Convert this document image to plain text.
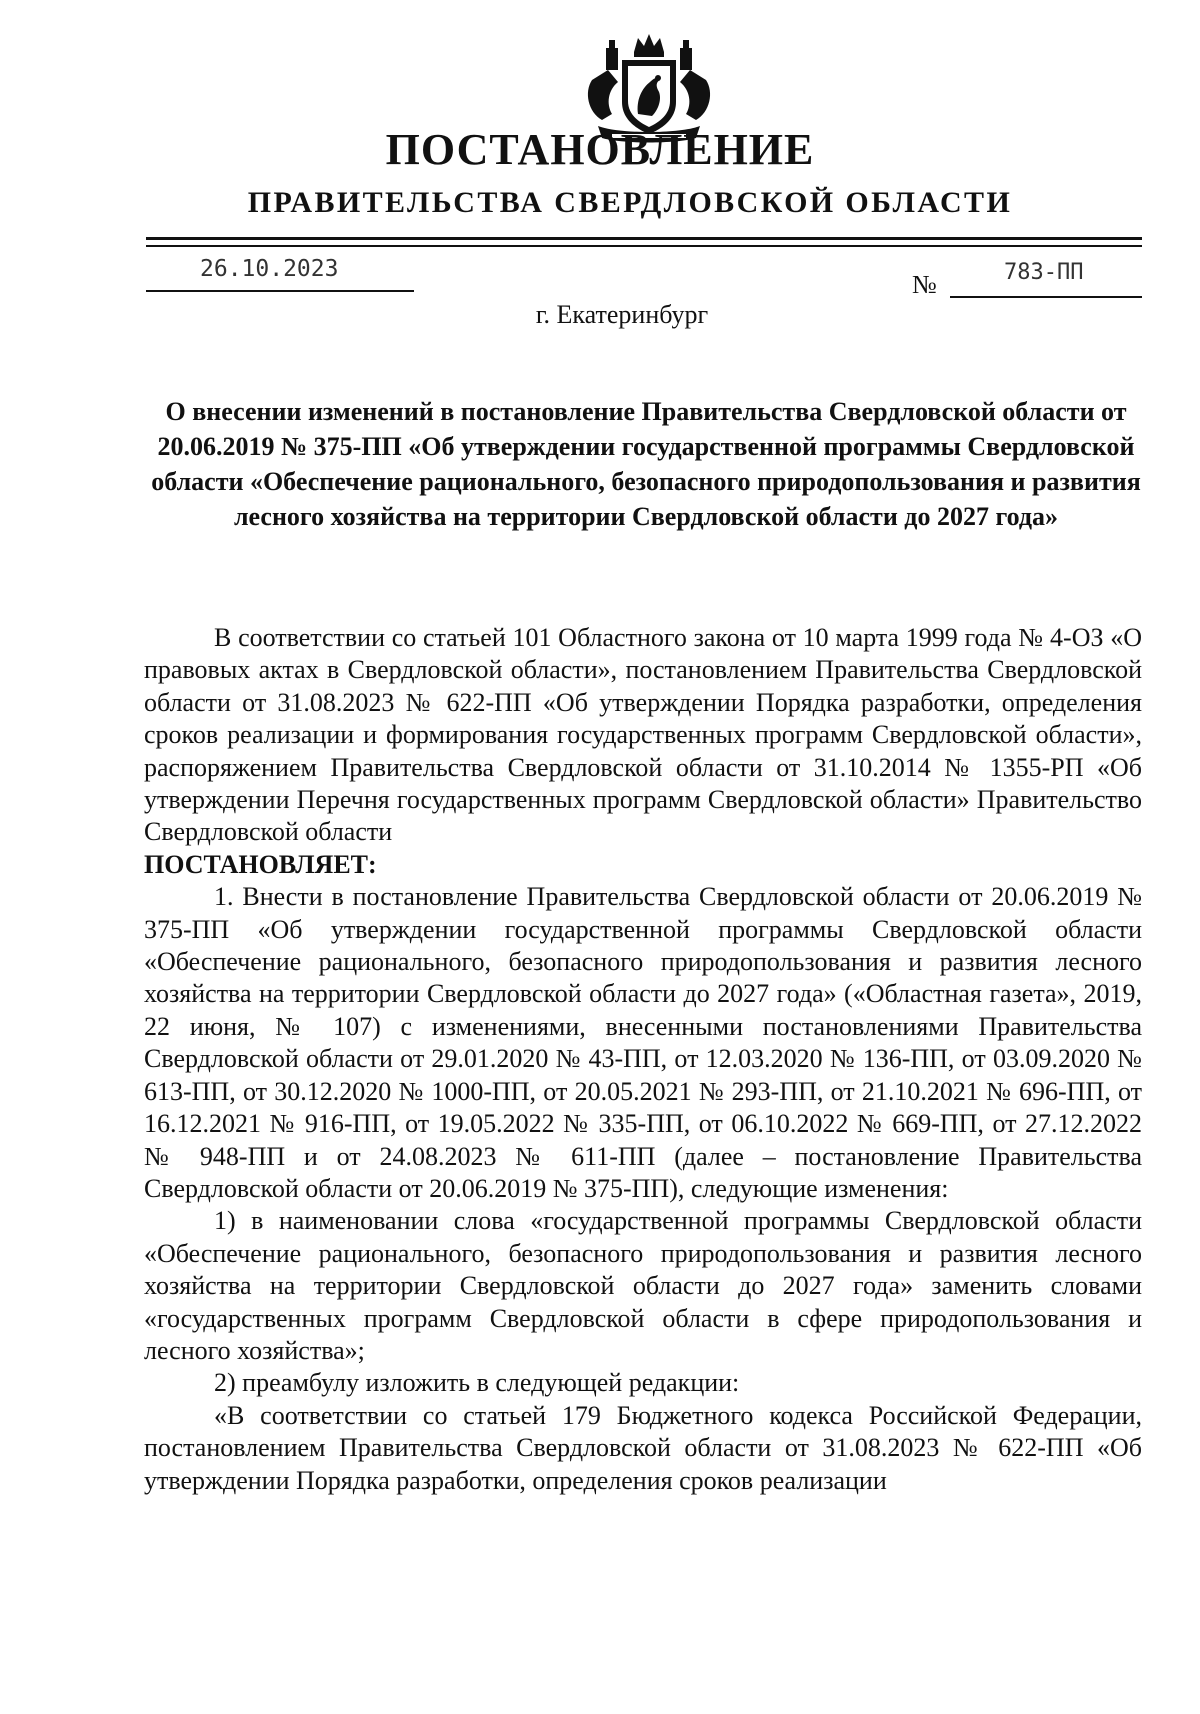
ПОСТАНОВЛЕНИЕ
ПРАВИТЕЛЬСТВА СВЕРДЛОВСКОЙ ОБЛАСТИ
26.10.2023
№	783-ПП
г. Екатеринбург
О внесении изменений в постановление Правительства Свердловской области от 20.06.2019 № 375-ПП «Об утверждении государственной программы Свердловской области «Обеспечение рационального, безопасного природопользования и развития лесного хозяйства на территории Свердловской области до 2027 года»

В соответствии со статьей 101 Областного закона от 10 марта 1999 года № 4-ОЗ «О правовых актах в Свердловской области», постановлением Правительства Свердловской области от 31.08.2023 № 622-ПП «Об утверждении Порядка разработки, определения сроков реализации и формирования государственных программ Свердловской области», распоряжением Правительства Свердловской области от 31.10.2014 № 1355-РП «Об утверждении Перечня государственных программ Свердловской области» Правительство Свердловской области

ПОСТАНОВЛЯЕТ:

1. Внести в постановление Правительства Свердловской области от 20.06.2019 № 375-ПП «Об утверждении государственной программы Свердловской области «Обеспечение рационального, безопасного природопользования и развития лесного хозяйства на территории Свердловской области до 2027 года» («Областная газета», 2019, 22 июня, № 107) с изменениями, внесенными постановлениями Правительства Свердловской области от 29.01.2020 № 43-ПП, от 12.03.2020 № 136-ПП, от 03.09.2020 № 613-ПП, от 30.12.2020 № 1000-ПП, от 20.05.2021 № 293-ПП, от 21.10.2021 № 696-ПП, от 16.12.2021 № 916-ПП, от 19.05.2022 № 335-ПП, от 06.10.2022 № 669-ПП, от 27.12.2022 № 948-ПП и от 24.08.2023 № 611-ПП (далее – постановление Правительства Свердловской области от 20.06.2019 № 375-ПП), следующие изменения:

1) в наименовании слова «государственной программы Свердловской области «Обеспечение рационального, безопасного природопользования и развития лесного хозяйства на территории Свердловской области до 2027 года» заменить словами «государственных программ Свердловской области в сфере природопользования и лесного хозяйства»;

2) преамбулу изложить в следующей редакции:

«В соответствии со статьей 179 Бюджетного кодекса Российской Федерации, постановлением Правительства Свердловской области от 31.08.2023 № 622-ПП «Об утверждении Порядка разработки, определения сроков реализации
